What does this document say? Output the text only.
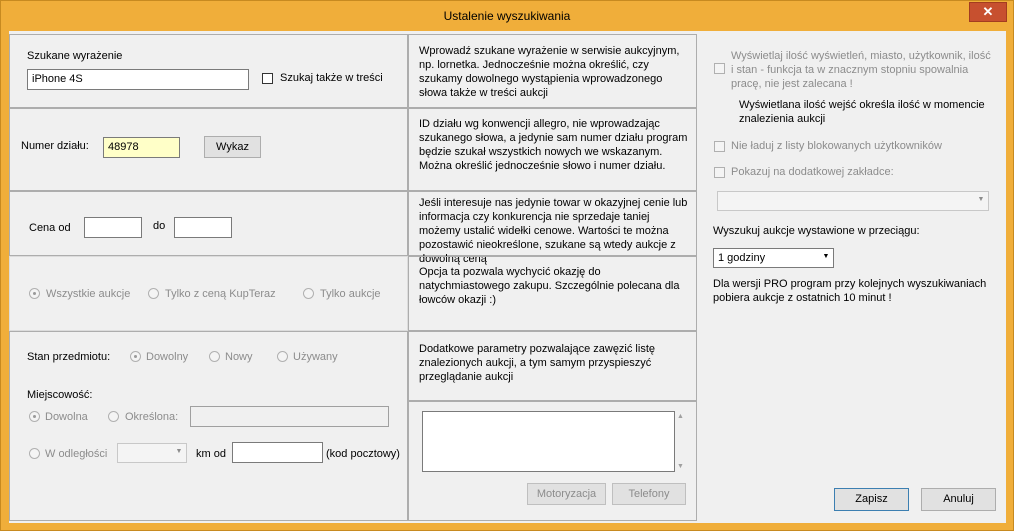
Ustalenie wyszukiwania	✕
Szukane wyrażenie
iPhone 4S	Szukaj także w treści
Wprowadź szukane wyrażenie w serwisie aukcyjnym, np. lornetka. Jednocześnie można określić, czy szukamy dowolnego wystąpienia wprowadzonego słowa także w treści aukcji
Numer działu:	48978	Wykaz
ID działu wg konwencji allegro, nie wprowadzając szukanego słowa, a jedynie sam numer działu program będzie szukał wszystkich nowych we wskazanym. Można określić jednocześnie słowo i numer działu.
Cena od	do
Jeśli interesuje nas jedynie towar w okazyjnej cenie lub informacja czy konkurencja nie sprzedaje taniej możemy ustalić widełki cenowe. Wartości te można pozostawić nieokreślone, szukane są wtedy aukcje z dowolną ceną
Wszystkie aukcje	Tylko z ceną KupTeraz	Tylko aukcje
Opcja ta pozwala wychycić okazję do natychmiastowego zakupu. Szczególnie polecana dla łowców okazji :)
Stan przedmiotu:	Dowolny	Nowy	Używany
Miejscowość:
Dowolna	Określona:
W odległości	▼ km od	(kod pocztowy)
Dodatkowe parametry pozwalające zawęzić listę znalezionych aukcji, a tym samym przyspieszyć przeglądanie aukcji
▲
▼
Motoryzacja	Telefony
Wyświetlaj ilość wyświetleń, miasto, użytkownik, ilość i stan - funkcja ta w znacznym stopniu spowalnia pracę, nie jest zalecana !
Wyświetlana ilość wejść określa ilość w momencie znalezienia aukcji
Nie ładuj z listy blokowanych użytkowników
Pokazuj na dodatkowej zakładce:
▼
Wyszukuj aukcje wystawione w przeciągu:
1 godziny	▼
Dla wersji PRO program przy kolejnych wyszukiwaniach pobiera aukcje z ostatnich 10 minut !
Zapisz	Anuluj
